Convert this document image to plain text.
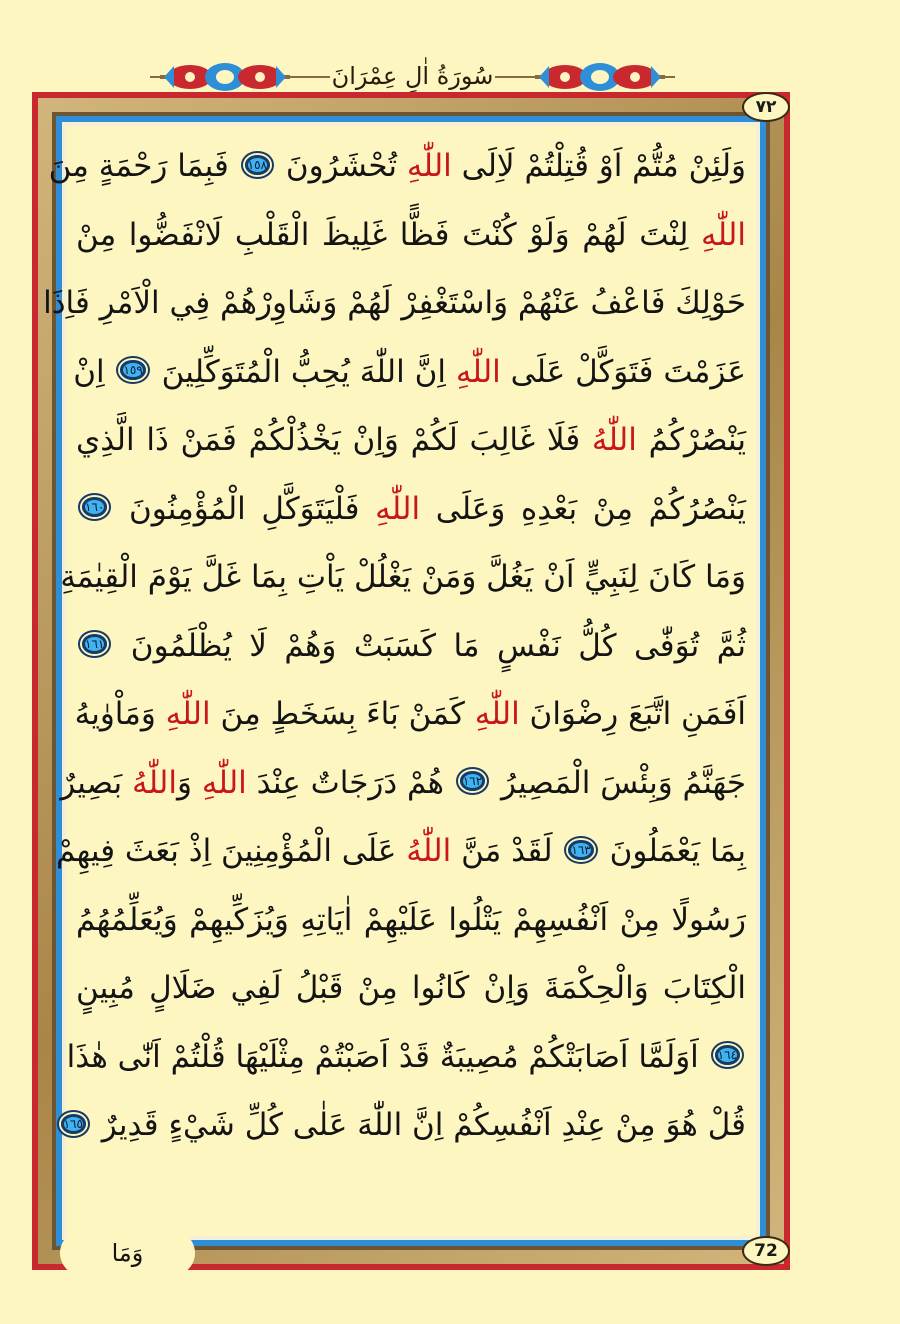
سُورَةُ اٰلِ عِمْرَانَ
٧٢
72
وَلَئِنْ مُتُّمْ اَوْ قُتِلْتُمْ لَاِلَى اللّٰهِ تُحْشَرُونَ ١٥٨ فَبِمَا رَحْمَةٍ مِنَ
اللّٰهِ لِنْتَ لَهُمْ وَلَوْ كُنْتَ فَظًّا غَلِيظَ الْقَلْبِ لَانْفَضُّوا مِنْ
حَوْلِكَ فَاعْفُ عَنْهُمْ وَاسْتَغْفِرْ لَهُمْ وَشَاوِرْهُمْ فِي الْاَمْرِ فَاِذَا
عَزَمْتَ فَتَوَكَّلْ عَلَى اللّٰهِ اِنَّ اللّٰهَ يُحِبُّ الْمُتَوَكِّلِينَ ١٥٩ اِنْ
يَنْصُرْكُمُ اللّٰهُ فَلَا غَالِبَ لَكُمْ وَاِنْ يَخْذُلْكُمْ فَمَنْ ذَا الَّذِي
يَنْصُرُكُمْ مِنْ بَعْدِهِ وَعَلَى اللّٰهِ فَلْيَتَوَكَّلِ الْمُؤْمِنُونَ ١٦٠
وَمَا كَانَ لِنَبِيٍّ اَنْ يَغُلَّ وَمَنْ يَغْلُلْ يَاْتِ بِمَا غَلَّ يَوْمَ الْقِيٰمَةِ
ثُمَّ تُوَفّٰى كُلُّ نَفْسٍ مَا كَسَبَتْ وَهُمْ لَا يُظْلَمُونَ ١٦١
اَفَمَنِ اتَّبَعَ رِضْوَانَ اللّٰهِ كَمَنْ بَاءَ بِسَخَطٍ مِنَ اللّٰهِ وَمَاْوٰيهُ
جَهَنَّمُ وَبِئْسَ الْمَصِيرُ ١٦٢ هُمْ دَرَجَاتٌ عِنْدَ اللّٰهِ وَاللّٰهُ بَصِيرٌ
بِمَا يَعْمَلُونَ ١٦٣ لَقَدْ مَنَّ اللّٰهُ عَلَى الْمُؤْمِنِينَ اِذْ بَعَثَ فِيهِمْ
رَسُولًا مِنْ اَنْفُسِهِمْ يَتْلُوا عَلَيْهِمْ اٰيَاتِهِ وَيُزَكِّيهِمْ وَيُعَلِّمُهُمُ
الْكِتَابَ وَالْحِكْمَةَ وَاِنْ كَانُوا مِنْ قَبْلُ لَفِي ضَلَالٍ مُبِينٍ
١٦٤ اَوَلَمَّا اَصَابَتْكُمْ مُصِيبَةٌ قَدْ اَصَبْتُمْ مِثْلَيْهَا قُلْتُمْ اَنّٰى هٰذَا
قُلْ هُوَ مِنْ عِنْدِ اَنْفُسِكُمْ اِنَّ اللّٰهَ عَلٰى كُلِّ شَيْءٍ قَدِيرٌ ١٦٥
وَمَا
